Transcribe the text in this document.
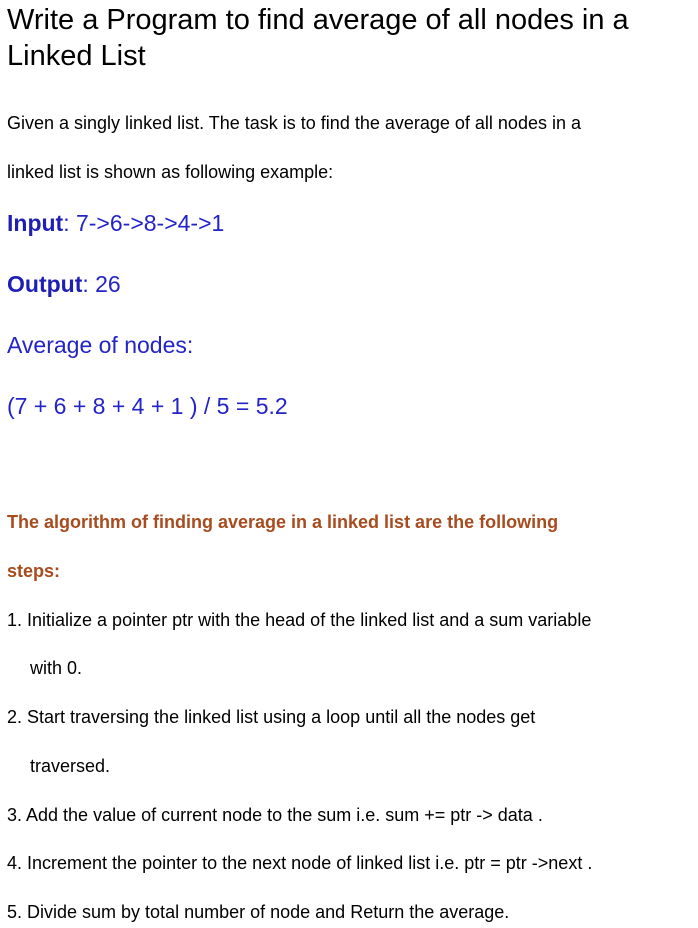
Write a Program to find average of all nodes in a
Linked List
Given a singly linked list. The task is to find the average of all nodes in a
linked list is shown as following example:
Input: 7->6->8->4->1
Output: 26
Average of nodes:
(7 + 6 + 8 + 4 + 1 ) / 5 = 5.2
The algorithm of finding average in a linked list are the following
steps:
1. Initialize a pointer ptr with the head of the linked list and a sum variable
with 0.
2. Start traversing the linked list using a loop until all the nodes get
traversed.
3. Add the value of current node to the sum i.e. sum += ptr -> data .
4. Increment the pointer to the next node of linked list i.e. ptr = ptr ->next .
5. Divide sum by total number of node and Return the average.
